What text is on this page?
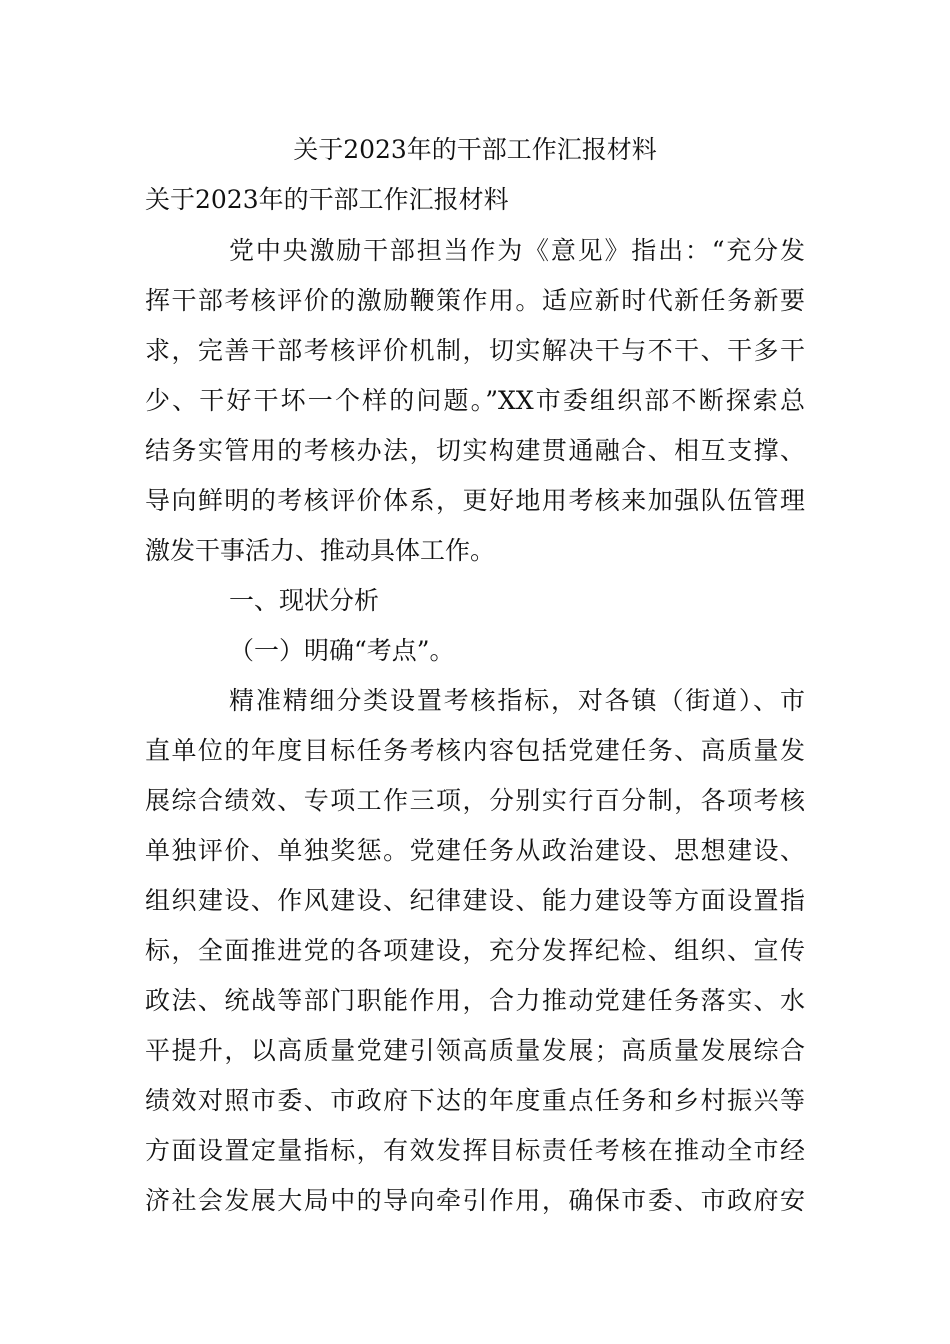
关于2023年的干部工作汇报材料
关于2023年的干部工作汇报材料
党中央激励干部担当作为《意见》指出：“充分发
挥干部考核评价的激励鞭策作用。适应新时代新任务新要
求，完善干部考核评价机制，切实解决干与不干、干多干
少、干好干坏一个样的问题。”XX市委组织部不断探索总
结务实管用的考核办法，切实构建贯通融合、相互支撑、
导向鲜明的考核评价体系，更好地用考核来加强队伍管理
激发干事活力、推动具体工作。
一、现状分析
（一）明确“考点”。
精准精细分类设置考核指标，对各镇（街道）、市
直单位的年度目标任务考核内容包括党建任务、高质量发
展综合绩效、专项工作三项，分别实行百分制，各项考核
单独评价、单独奖惩。党建任务从政治建设、思想建设、
组织建设、作风建设、纪律建设、能力建设等方面设置指
标，全面推进党的各项建设，充分发挥纪检、组织、宣传
政法、统战等部门职能作用，合力推动党建任务落实、水
平提升，以高质量党建引领高质量发展；高质量发展综合
绩效对照市委、市政府下达的年度重点任务和乡村振兴等
方面设置定量指标，有效发挥目标责任考核在推动全市经
济社会发展大局中的导向牵引作用，确保市委、市政府安
